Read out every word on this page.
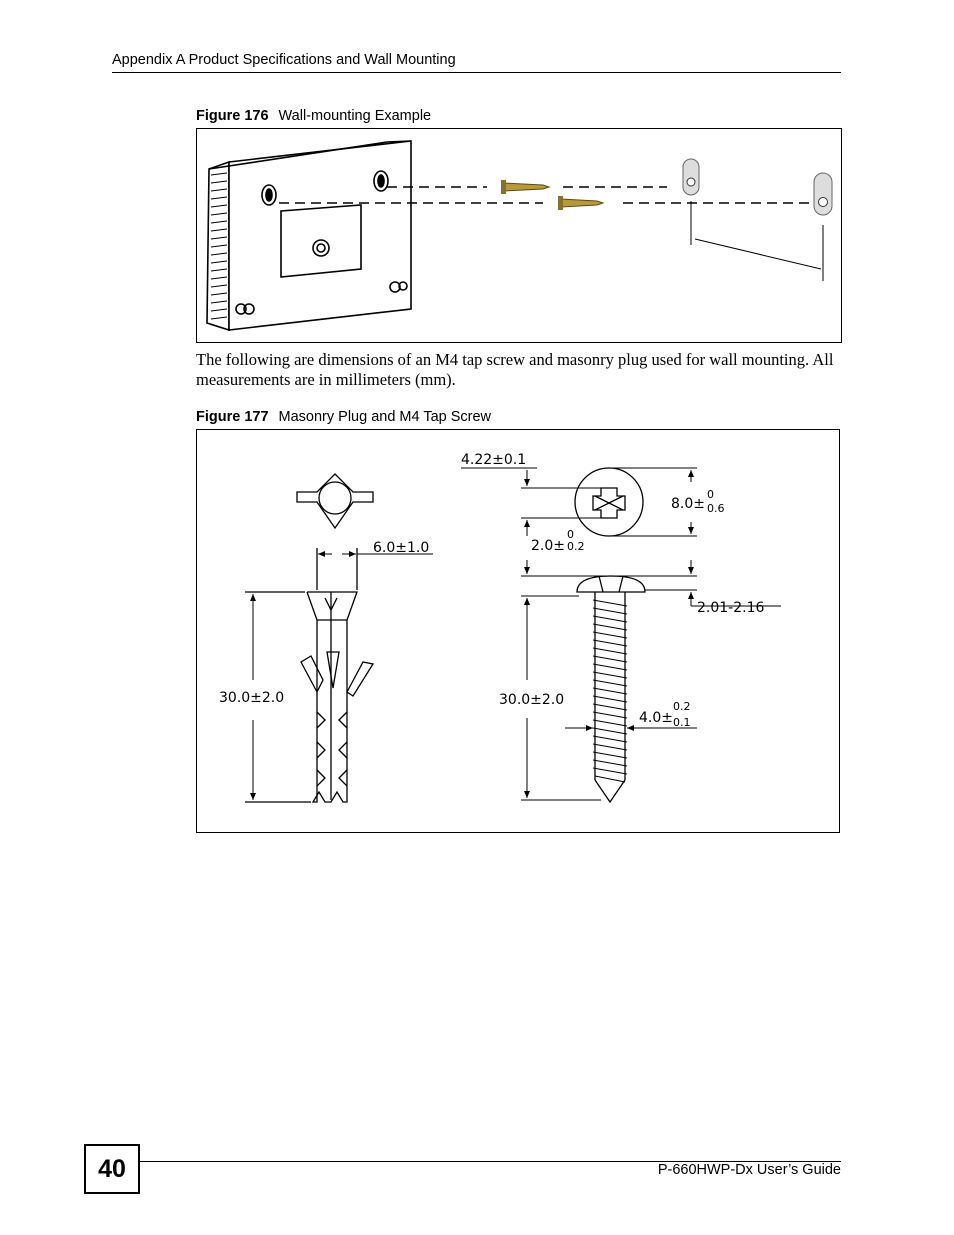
Appendix A Product Specifications and Wall Mounting
Figure 176 Wall-mounting Example
The following are dimensions of an M4 tap screw and masonry plug used for wall mounting. All measurements are in millimeters (mm).
Figure 177 Masonry Plug and M4 Tap Screw
6.0±1.0
30.0±2.0
4.22±0.1
8.0±
0
0.6
2.0±
0
0.2
2.01-2.16
30.0±2.0
4.0±
0.2
0.1
40	P-660HWP-Dx User’s Guide
